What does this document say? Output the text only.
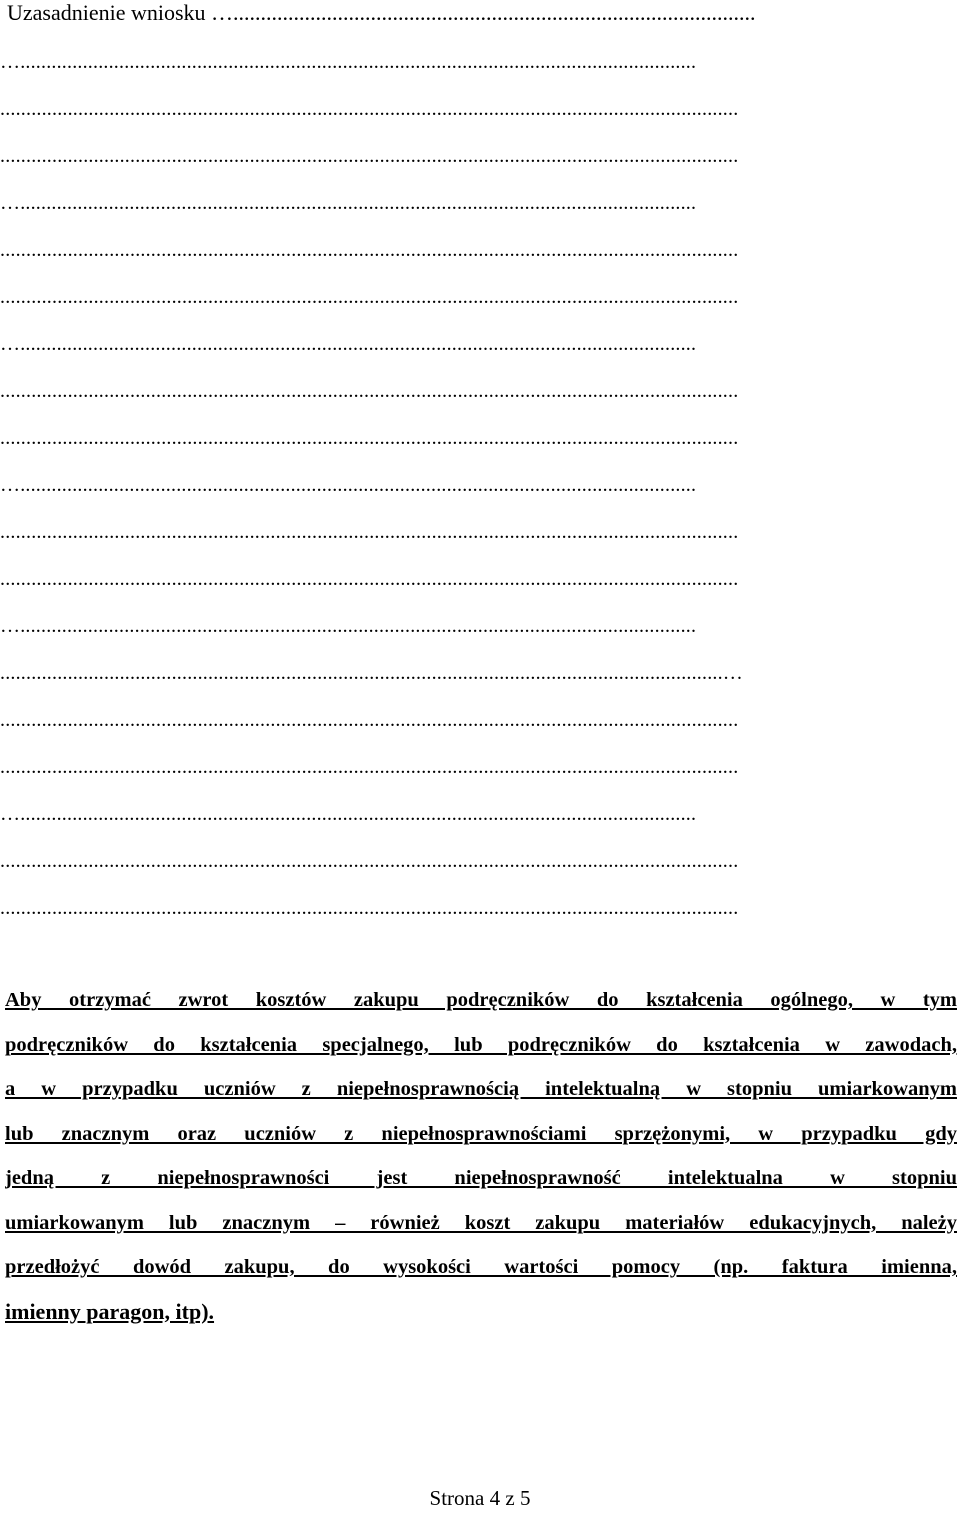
Uzasadnienie wniosku …...............................................................................................
…..................................................................................................................................
..............................................................................................................................................
..............................................................................................................................................
…..................................................................................................................................
..............................................................................................................................................
..............................................................................................................................................
…..................................................................................................................................
..............................................................................................................................................
..............................................................................................................................................
…..................................................................................................................................
..............................................................................................................................................
..............................................................................................................................................
…..................................................................................................................................
...........................................................................................................................................…
..............................................................................................................................................
..............................................................................................................................................
…..................................................................................................................................
..............................................................................................................................................
..............................................................................................................................................
Aby otrzymać zwrot kosztów zakupu podręczników do kształcenia ogólnego, w tym
podręczników do kształcenia specjalnego, lub podręczników do kształcenia w zawodach,
a w przypadku uczniów z niepełnosprawnością intelektualną w stopniu umiarkowanym
lub znacznym oraz uczniów z niepełnosprawnościami sprzężonymi, w przypadku gdy
jedną z niepełnosprawności jest niepełnosprawność intelektualna w stopniu
umiarkowanym lub znacznym – również koszt zakupu materiałów edukacyjnych, należy
przedłożyć dowód zakupu, do wysokości wartości pomocy (np. faktura imienna,
imienny paragon, itp).
Strona 4 z 5
